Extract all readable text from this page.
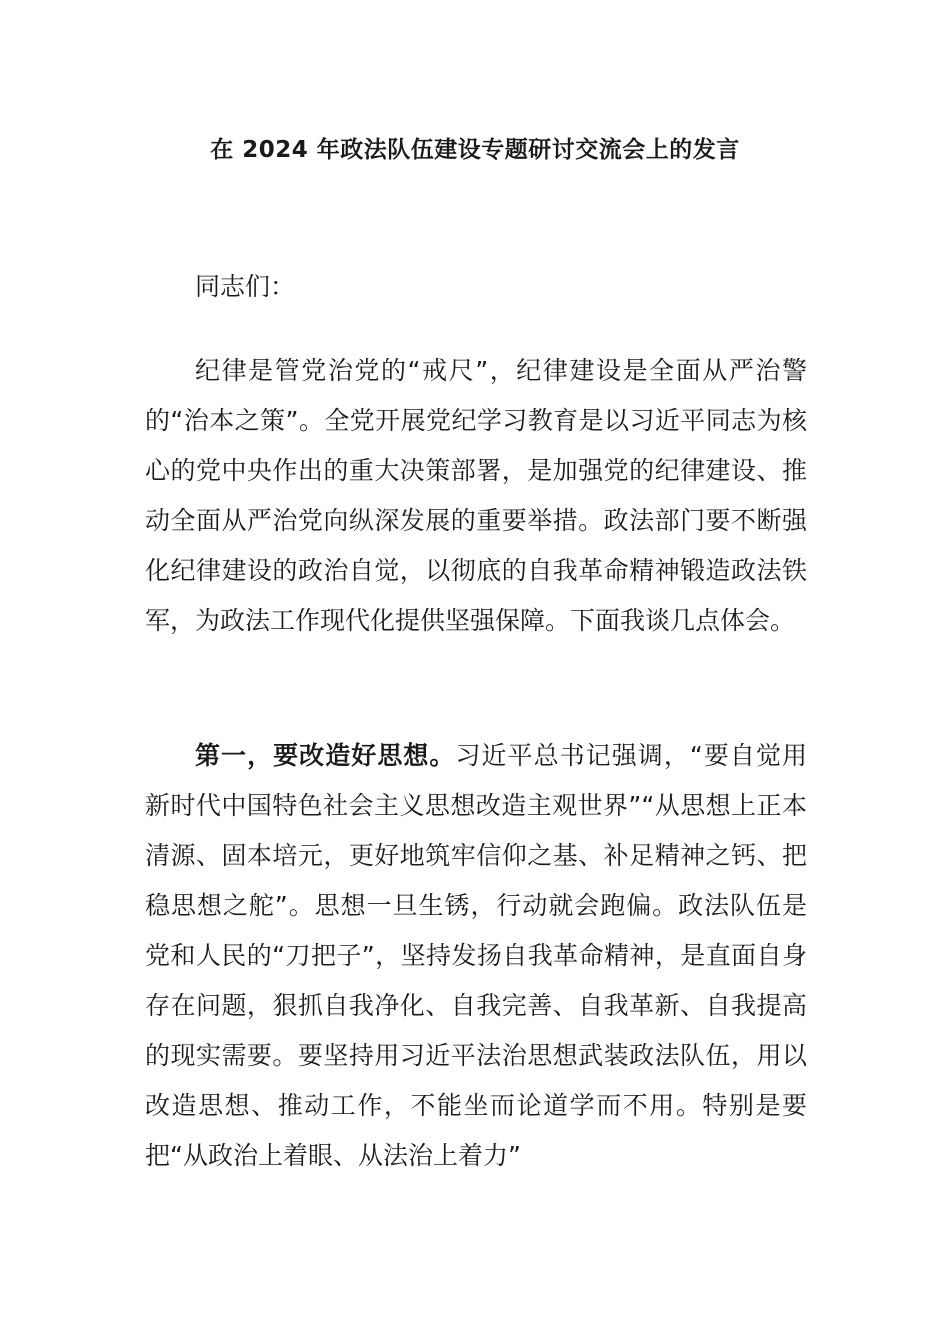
在 2024 年政法队伍建设专题研讨交流会上的发言

同志们：

纪律是管党治党的“戒尺”，纪律建设是全面从严治警的“治本之策”。全党开展党纪学习教育是以习近平同志为核心的党中央作出的重大决策部署，是加强党的纪律建设、推动全面从严治党向纵深发展的重要举措。政法部门要不断强化纪律建设的政治自觉，以彻底的自我革命精神锻造政法铁军，为政法工作现代化提供坚强保障。下面我谈几点体会。

第一，要改造好思想。习近平总书记强调，“要自觉用新时代中国特色社会主义思想改造主观世界”“从思想上正本清源、固本培元，更好地筑牢信仰之基、补足精神之钙、把稳思想之舵”。思想一旦生锈，行动就会跑偏。政法队伍是党和人民的“刀把子”，坚持发扬自我革命精神，是直面自身存在问题，狠抓自我净化、自我完善、自我革新、自我提高的现实需要。要坚持用习近平法治思想武装政法队伍，用以改造思想、推动工作，不能坐而论道学而不用。特别是要把“从政治上着眼、从法治上着力”
